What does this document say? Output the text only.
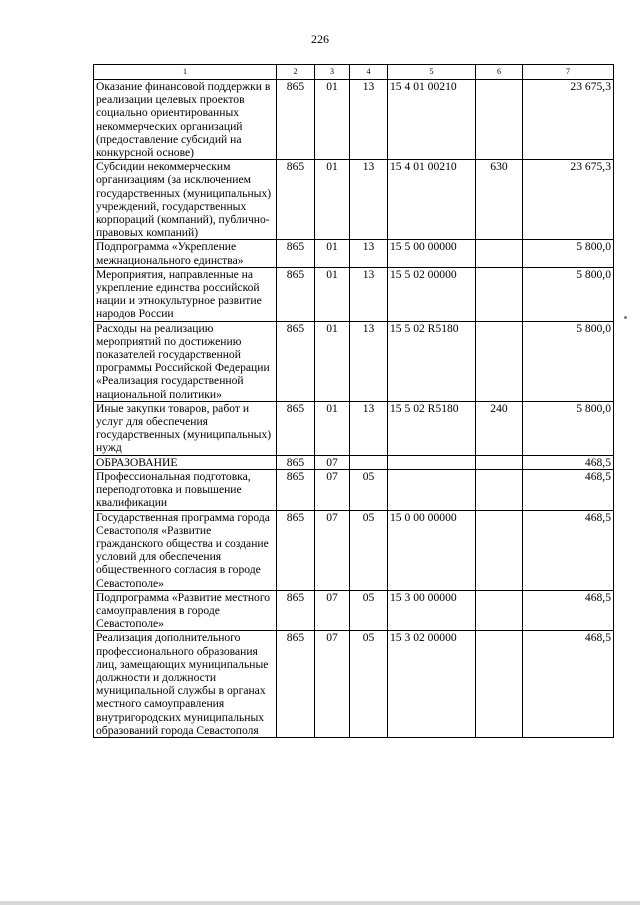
226
1	2	3	4	5	6	7
Оказание финансовой поддержки в реализации целевых проектов социально ориентированных некоммерческих организаций (предоставление субсидий на конкурсной основе)	865	01	13	15 4 01 00210		23 675,3
Субсидии некоммерческим организациям (за исключением государственных (муниципальных) учреждений, государственных корпораций (компаний), публично-правовых компаний)	865	01	13	15 4 01 00210	630	23 675,3
Подпрограмма «Укрепление межнационального единства»	865	01	13	15 5 00 00000		5 800,0
Мероприятия, направленные на укрепление единства российской нации и этнокультурное развитие народов России	865	01	13	15 5 02 00000		5 800,0
Расходы на реализацию мероприятий по достижению показателей государственной программы Российской Федерации «Реализация государственной национальной политики»	865	01	13	15 5 02 R5180		5 800,0
Иные закупки товаров, работ и услуг для обеспечения государственных (муниципальных) нужд	865	01	13	15 5 02 R5180	240	5 800,0
ОБРАЗОВАНИЕ	865	07				468,5
Профессиональная подготовка, переподготовка и повышение квалификации	865	07	05			468,5
Государственная программа города Севастополя «Развитие гражданского общества и создание условий для обеспечения общественного согласия в городе Севастополе»	865	07	05	15 0 00 00000		468,5
Подпрограмма «Развитие местного самоуправления в городе Севастополе»	865	07	05	15 3 00 00000		468,5
Реализация дополнительного профессионального образования лиц, замещающих муниципальные должности и должности муниципальной службы в органах местного самоуправления внутригородских муниципальных образований города Севастополя	865	07	05	15 3 02 00000		468,5
